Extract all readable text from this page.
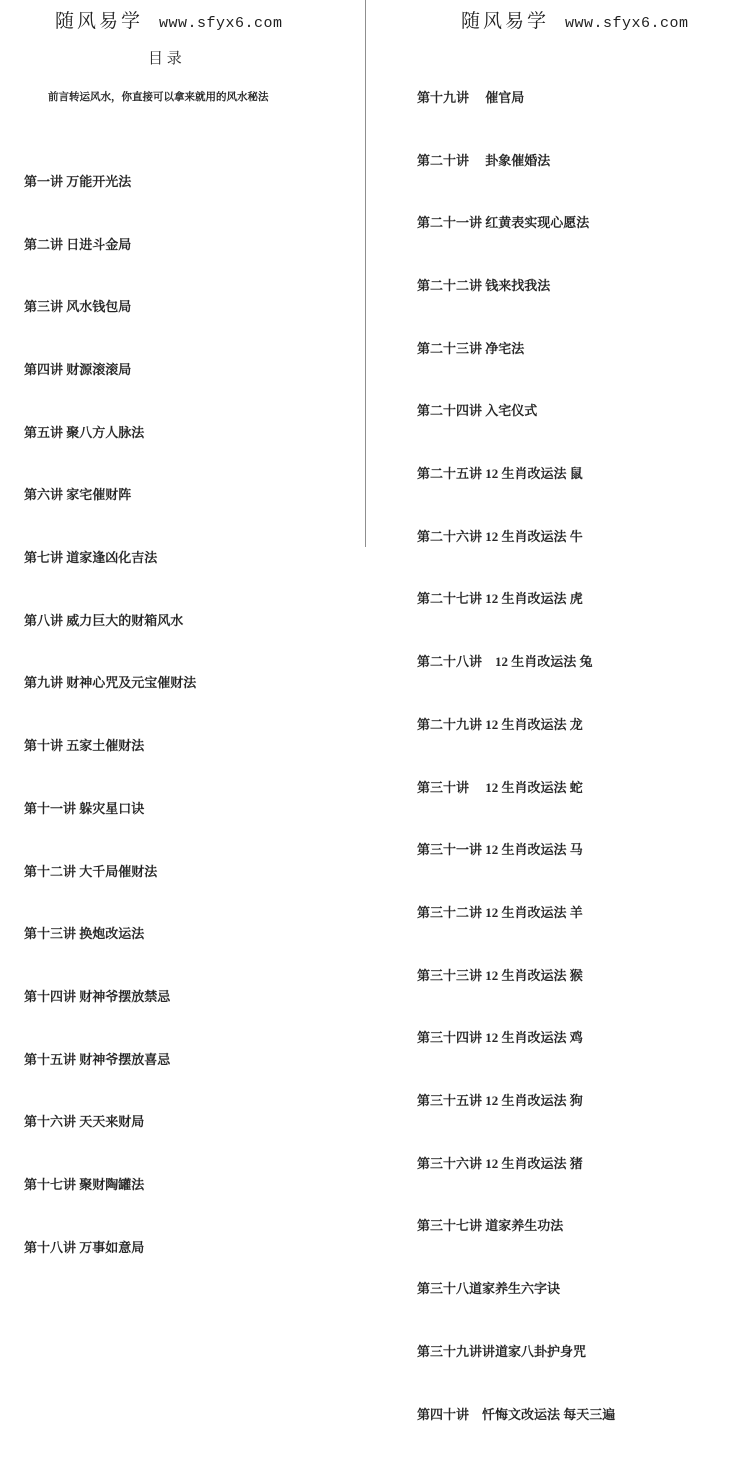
随风易学 www.sfyx6.com
目 录
前言转运风水，你直接可以拿来就用的风水秘法

第一讲 万能开光法

第二讲 日进斗金局

第三讲 风水钱包局

第四讲 财源滚滚局

第五讲 聚八方人脉法

第六讲 家宅催财阵

第七讲 道家逢凶化吉法

第八讲 威力巨大的财箱风水

第九讲 财神心咒及元宝催财法

第十讲 五家土催财法

第十一讲 躲灾星口诀

第十二讲 大千局催财法

第十三讲 换炮改运法

第十四讲 财神爷摆放禁忌

第十五讲 财神爷摆放喜忌

第十六讲 天天来财局

第十七讲 聚财陶罐法

第十八讲 万事如意局

随风易学 www.sfyx6.com

第十九讲　 催官局

第二十讲　 卦象催婚法

第二十一讲 红黄表实现心愿法

第二十二讲 钱来找我法

第二十三讲 净宅法

第二十四讲 入宅仪式

第二十五讲 12 生肖改运法 鼠

第二十六讲 12 生肖改运法 牛

第二十七讲 12 生肖改运法 虎

第二十八讲　12 生肖改运法 兔

第二十九讲 12 生肖改运法 龙

第三十讲　 12 生肖改运法 蛇

第三十一讲 12 生肖改运法 马

第三十二讲 12 生肖改运法 羊

第三十三讲 12 生肖改运法 猴

第三十四讲 12 生肖改运法 鸡

第三十五讲 12 生肖改运法 狗

第三十六讲 12 生肖改运法 猪

第三十七讲 道家养生功法

第三十八道家养生六字诀

第三十九讲讲道家八卦护身咒

第四十讲　忏悔文改运法 每天三遍
